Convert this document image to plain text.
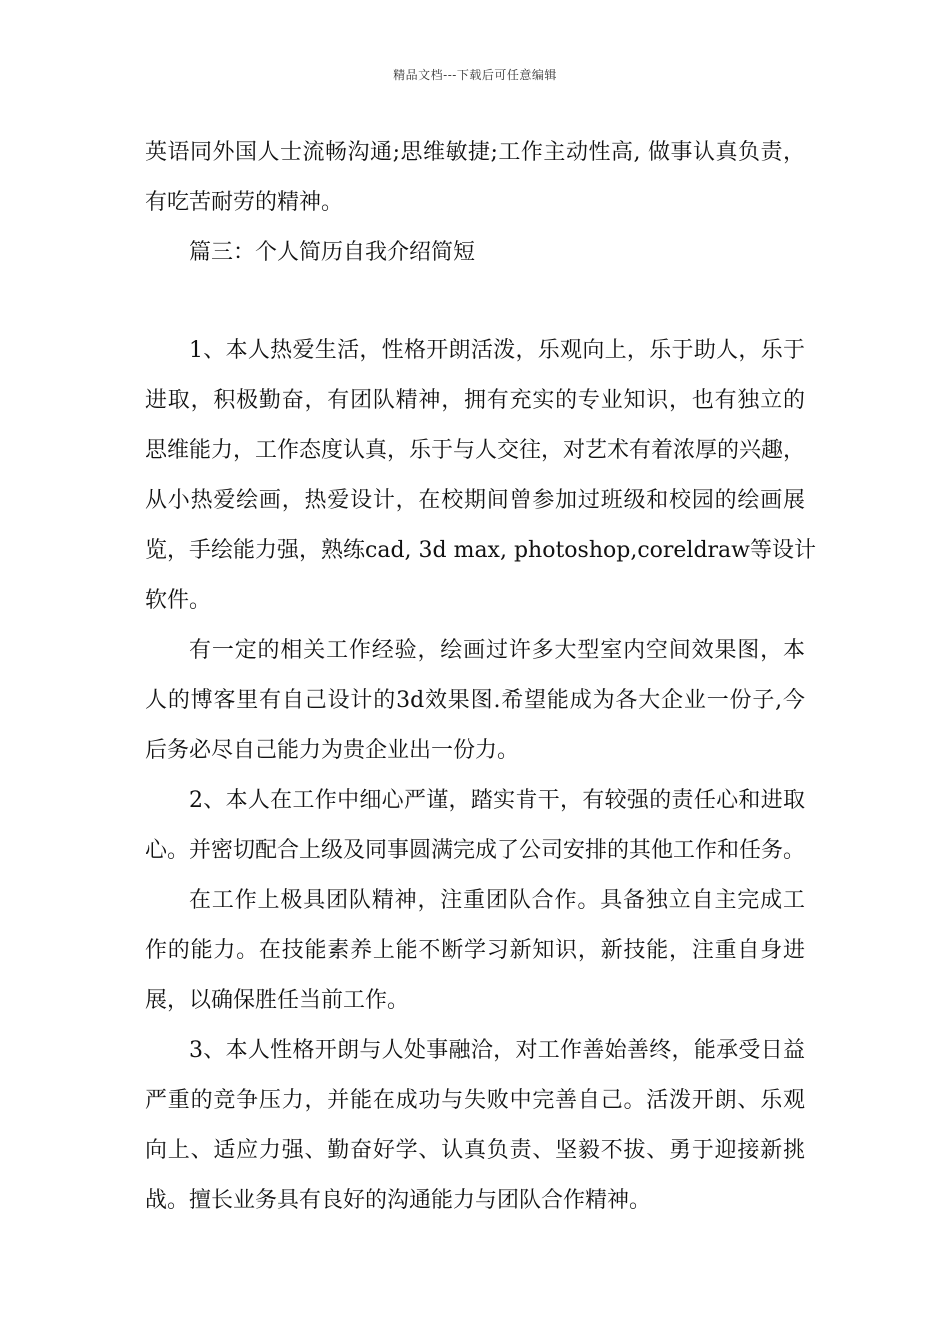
精品文档---下载后可任意编辑
英语同外国人士流畅沟通;思维敏捷;工作主动性高, 做事认真负责，
有吃苦耐劳的精神。
篇三：个人简历自我介绍简短
1、本人热爱生活，性格开朗活泼，乐观向上，乐于助人，乐于
进取，积极勤奋，有团队精神，拥有充实的专业知识，也有独立的
思维能力，工作态度认真，乐于与人交往，对艺术有着浓厚的兴趣，
从小热爱绘画，热爱设计，在校期间曾参加过班级和校园的绘画展
览，手绘能力强，熟练cad, 3d max, photoshop,coreldraw等设计
软件。
有一定的相关工作经验，绘画过许多大型室内空间效果图，本
人的博客里有自己设计的3d效果图.希望能成为各大企业一份子,今
后务必尽自己能力为贵企业出一份力。
2、本人在工作中细心严谨，踏实肯干，有较强的责任心和进取
心。并密切配合上级及同事圆满完成了公司安排的其他工作和任务。
在工作上极具团队精神，注重团队合作。具备独立自主完成工
作的能力。在技能素养上能不断学习新知识，新技能，注重自身进
展，以确保胜任当前工作。
3、本人性格开朗与人处事融洽，对工作善始善终，能承受日益
严重的竞争压力，并能在成功与失败中完善自己。活泼开朗、乐观
向上、适应力强、勤奋好学、认真负责、坚毅不拔、勇于迎接新挑
战。擅长业务具有良好的沟通能力与团队合作精神。
